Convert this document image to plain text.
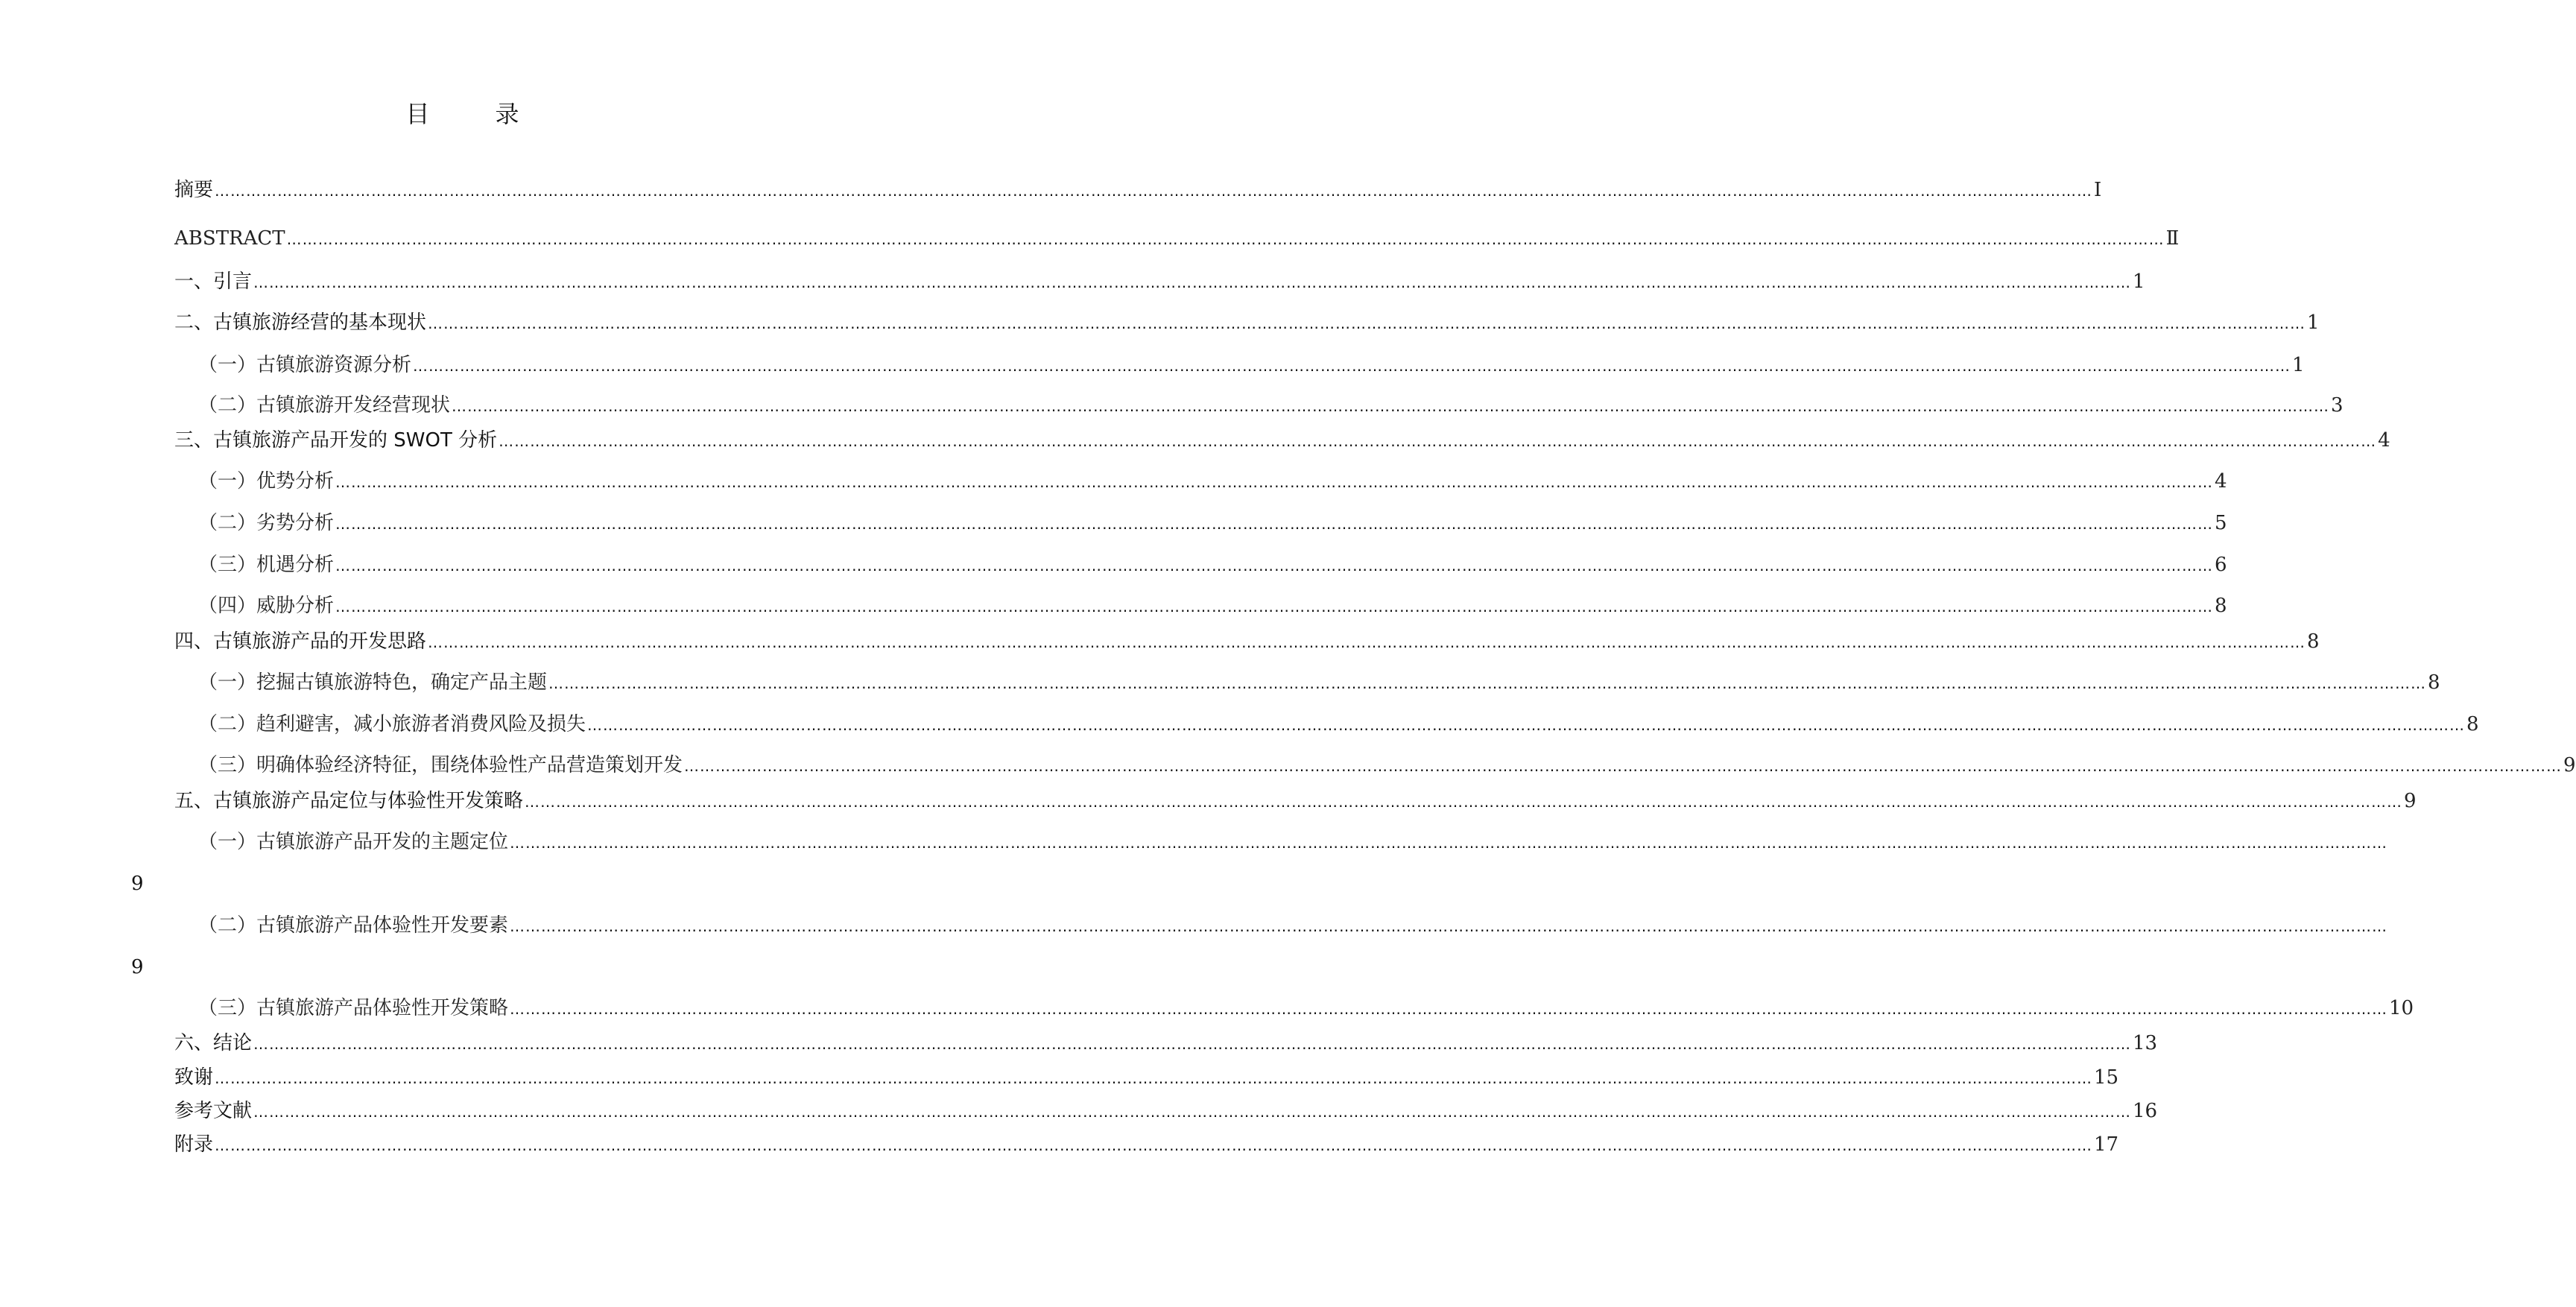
目　录
摘要 ……………………………………………………………………………………………………………………………………………………………………………………………………………………………………………………………………………………………………………………………… Ⅰ
ABSTRACT ……………………………………………………………………………………………………………………………………………………………………………………………………………………………………………………………………………………………………………………………… Ⅱ
一、引言 ……………………………………………………………………………………………………………………………………………………………………………………………………………………………………………………………………………………………………………………………… 1
二、古镇旅游经营的基本现状 ……………………………………………………………………………………………………………………………………………………………………………………………………………………………………………………………………………………………………………………………… 1
（一）古镇旅游资源分析 ……………………………………………………………………………………………………………………………………………………………………………………………………………………………………………………………………………………………………………………………… 1
（二）古镇旅游开发经营现状 ……………………………………………………………………………………………………………………………………………………………………………………………………………………………………………………………………………………………………………………………… 3
三、古镇旅游产品开发的 SWOT 分析 ……………………………………………………………………………………………………………………………………………………………………………………………………………………………………………………………………………………………………………………………… 4
（一）优势分析 ……………………………………………………………………………………………………………………………………………………………………………………………………………………………………………………………………………………………………………………………… 4
（二）劣势分析 ……………………………………………………………………………………………………………………………………………………………………………………………………………………………………………………………………………………………………………………………… 5
（三）机遇分析 ……………………………………………………………………………………………………………………………………………………………………………………………………………………………………………………………………………………………………………………………… 6
（四）威胁分析 ……………………………………………………………………………………………………………………………………………………………………………………………………………………………………………………………………………………………………………………………… 8
四、古镇旅游产品的开发思路 ……………………………………………………………………………………………………………………………………………………………………………………………………………………………………………………………………………………………………………………………… 8
（一）挖掘古镇旅游特色，确定产品主题 ……………………………………………………………………………………………………………………………………………………………………………………………………………………………………………………………………………………………………………………………… 8
（二）趋利避害，减小旅游者消费风险及损失 ……………………………………………………………………………………………………………………………………………………………………………………………………………………………………………………………………………………………………………………………… 8
（三）明确体验经济特征，围绕体验性产品营造策划开发 ……………………………………………………………………………………………………………………………………………………………………………………………………………………………………………………………………………………………………………………………… 9
五、古镇旅游产品定位与体验性开发策略 ……………………………………………………………………………………………………………………………………………………………………………………………………………………………………………………………………………………………………………………………… 9
（一）古镇旅游产品开发的主题定位 ………………………………………………………………………………………………………………………………………………………………………………………………………………………………………………………………………………………………………………………………
（二）古镇旅游产品体验性开发要素 ………………………………………………………………………………………………………………………………………………………………………………………………………………………………………………………………………………………………………………………………
（三）古镇旅游产品体验性开发策略 ……………………………………………………………………………………………………………………………………………………………………………………………………………………………………………………………………………………………………………………………… 10
六、结论 ……………………………………………………………………………………………………………………………………………………………………………………………………………………………………………………………………………………………………………………………… 13
致谢 ……………………………………………………………………………………………………………………………………………………………………………………………………………………………………………………………………………………………………………………………… 15
参考文献 ……………………………………………………………………………………………………………………………………………………………………………………………………………………………………………………………………………………………………………………………… 16
附录 ……………………………………………………………………………………………………………………………………………………………………………………………………………………………………………………………………………………………………………………………… 17
9
9
